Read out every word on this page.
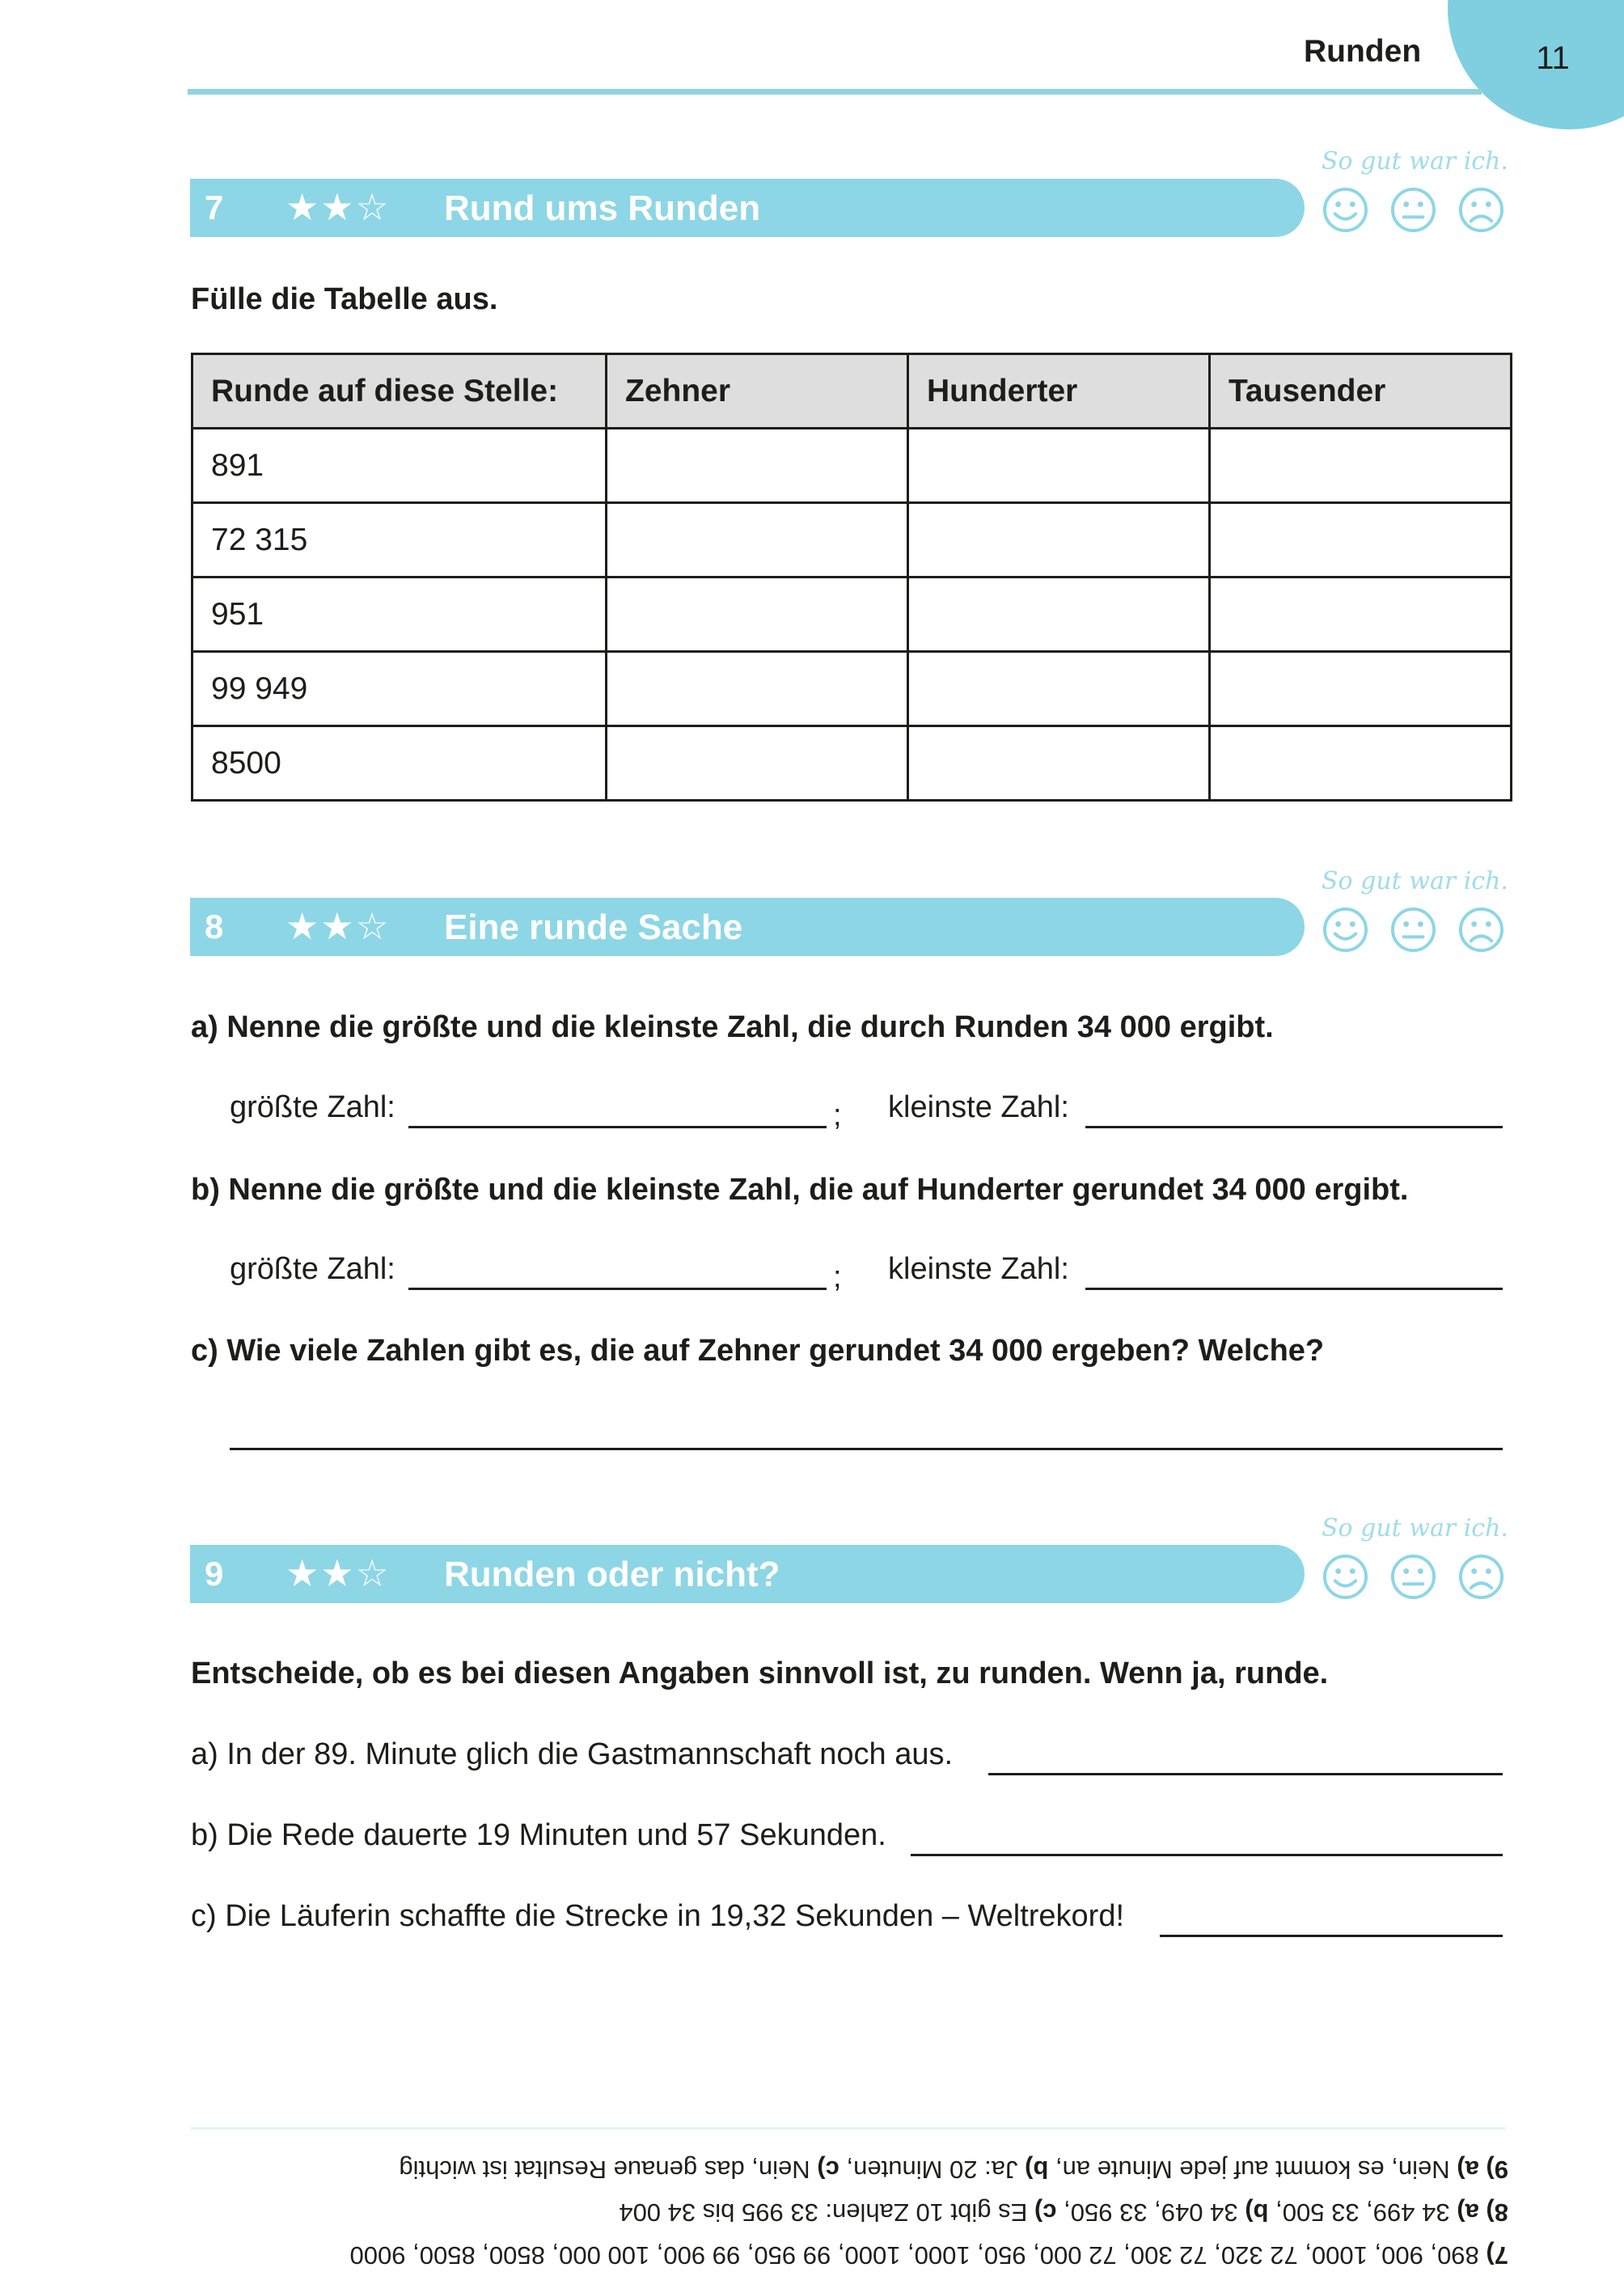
11
Runden
7 ★★☆ Rund ums Runden
So gut war ich.
Fülle die Tabelle aus.
Runde auf diese Stelle:	Zehner	Hunderter	Tausender
891			
72 315			
951			
99 949			
8500			
8 ★★☆ Eine runde Sache
So gut war ich.
a) Nenne die größte und die kleinste Zahl, die durch Runden 34 000 ergibt.
größte Zahl:	; kleinste Zahl:
b) Nenne die größte und die kleinste Zahl, die auf Hunderter gerundet 34 000 ergibt.
größte Zahl:	; kleinste Zahl:
c) Wie viele Zahlen gibt es, die auf Zehner gerundet 34 000 ergeben? Welche?
9 ★★☆ Runden oder nicht?
So gut war ich.
Entscheide, ob es bei diesen Angaben sinnvoll ist, zu runden. Wenn ja, runde.
a) In der 89. Minute glich die Gastmannschaft noch aus.
b) Die Rede dauerte 19 Minuten und 57 Sekunden.
c) Die Läuferin schaffte die Strecke in 19,32 Sekunden – Weltrekord!
7) 890, 900, 1000, 72 320, 72 300, 72 000, 950, 1000, 1000, 99 950, 99 900, 100 000, 8500, 8500, 9000
8) a) 34 499, 33 500, b) 34 049, 33 950, c) Es gibt 10 Zahlen: 33 995 bis 34 004
9) a) Nein, es kommt auf jede Minute an, b) Ja: 20 Minuten, c) Nein, das genaue Resultat ist wichtig
